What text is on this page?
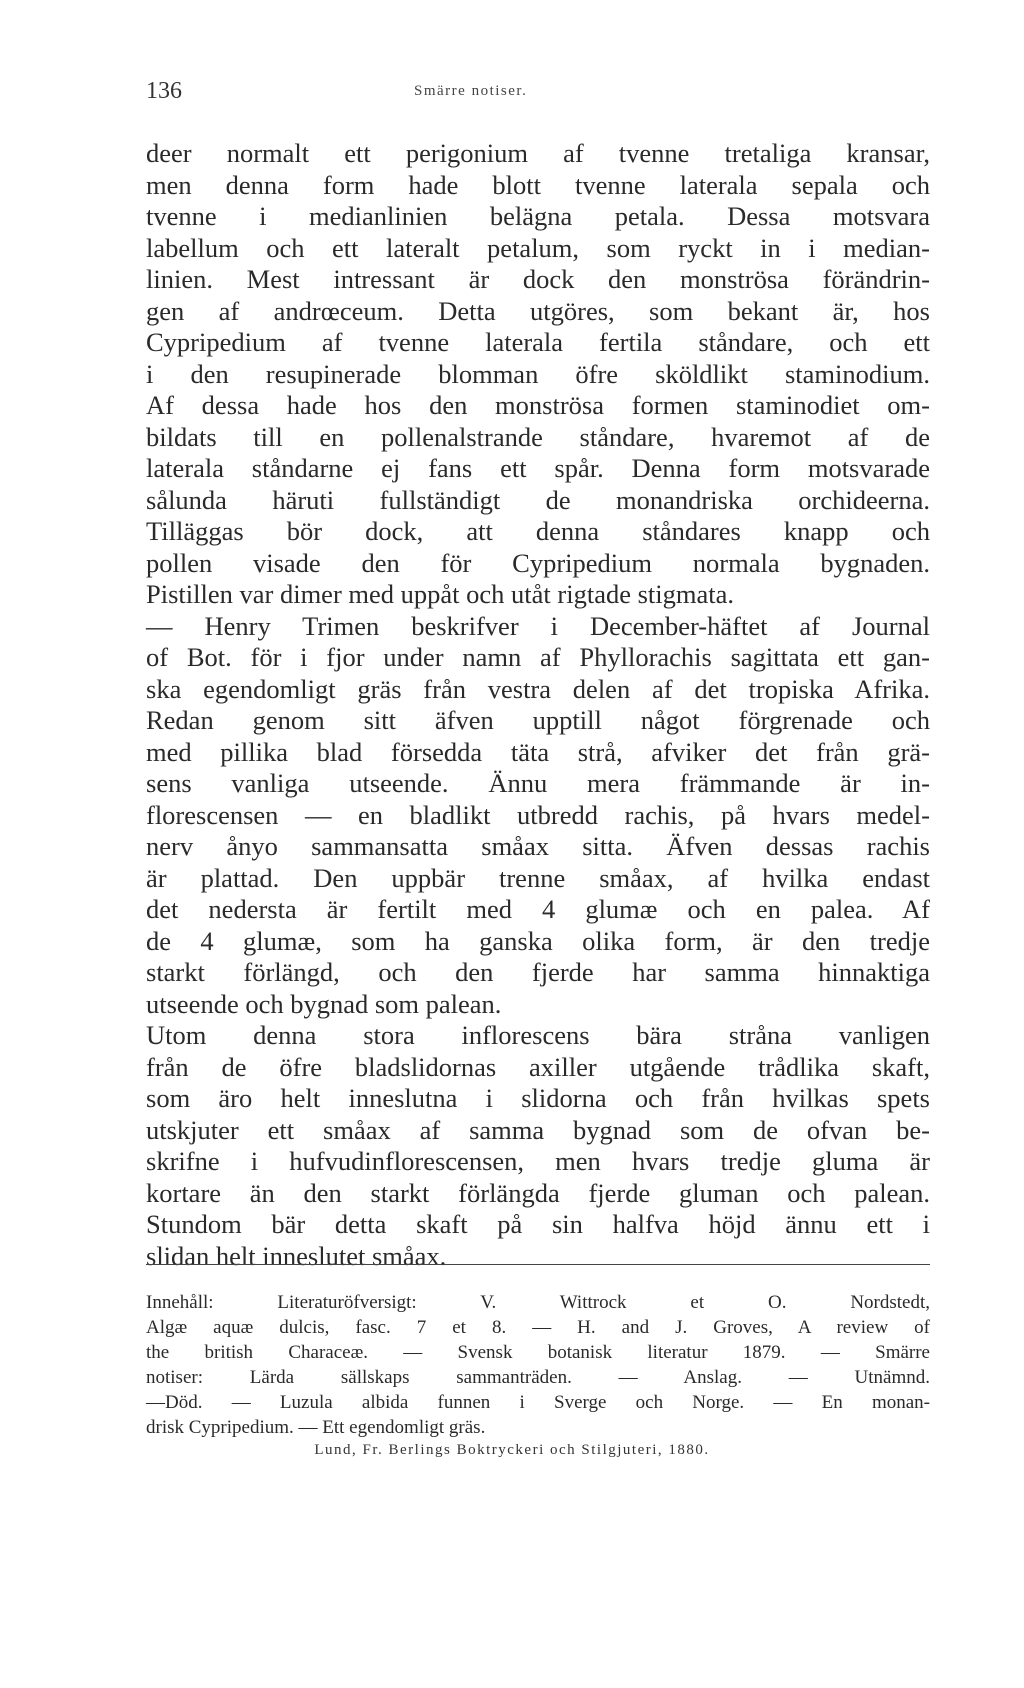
136	Smärre notiser.
deer normalt ett perigonium af tvenne tretaliga kransar,
men denna form hade blott tvenne laterala sepala och
tvenne i medianlinien belägna petala. Dessa motsvara
labellum och ett lateralt petalum, som ryckt in i median-
linien. Mest intressant är dock den monströsa förändrin-
gen af andrœceum. Detta utgöres, som bekant är, hos
Cypripedium af tvenne laterala fertila ståndare, och ett
i den resupinerade blomman öfre sköldlikt staminodium.
Af dessa hade hos den monströsa formen staminodiet om-
bildats till en pollenalstrande ståndare, hvaremot af de
laterala ståndarne ej fans ett spår. Denna form motsvarade
sålunda häruti fullständigt de monandriska orchideerna.
Tilläggas bör dock, att denna ståndares knapp och
pollen visade den för Cypripedium normala bygnaden.
Pistillen var dimer med uppåt och utåt rigtade stigmata.
— Henry Trimen beskrifver i December-häftet af Journal
of Bot. för i fjor under namn af Phyllorachis sagittata ett gan-
ska egendomligt gräs från vestra delen af det tropiska Afrika.
Redan genom sitt äfven upptill något förgrenade och
med pillika blad försedda täta strå, afviker det från grä-
sens vanliga utseende. Ännu mera främmande är in-
florescensen — en bladlikt utbredd rachis, på hvars medel-
nerv ånyo sammansatta småax sitta. Äfven dessas rachis
är plattad. Den uppbär trenne småax, af hvilka endast
det nedersta är fertilt med 4 glumæ och en palea. Af
de 4 glumæ, som ha ganska olika form, är den tredje
starkt förlängd, och den fjerde har samma hinnaktiga
utseende och bygnad som palean.
Utom denna stora inflorescens bära stråna vanligen
från de öfre bladslidornas axiller utgående trådlika skaft,
som äro helt inneslutna i slidorna och från hvilkas spets
utskjuter ett småax af samma bygnad som de ofvan be-
skrifne i hufvudinflorescensen, men hvars tredje gluma är
kortare än den starkt förlängda fjerde gluman och palean.
Stundom bär detta skaft på sin halfva höjd ännu ett i
slidan helt inneslutet småax.
Innehåll: Literaturöfversigt: V. Wittrock et O. Nordstedt,
Algæ aquæ dulcis, fasc. 7 et 8. — H. and J. Groves, A review of
the british Characeæ. — Svensk botanisk literatur 1879. — Smärre
notiser: Lärda sällskaps sammanträden. — Anslag. — Utnämnd.
—Död. — Luzula albida funnen i Sverge och Norge. — En monan-
drisk Cypripedium. — Ett egendomligt gräs.
Lund, Fr. Berlings Boktryckeri och Stilgjuteri, 1880.
